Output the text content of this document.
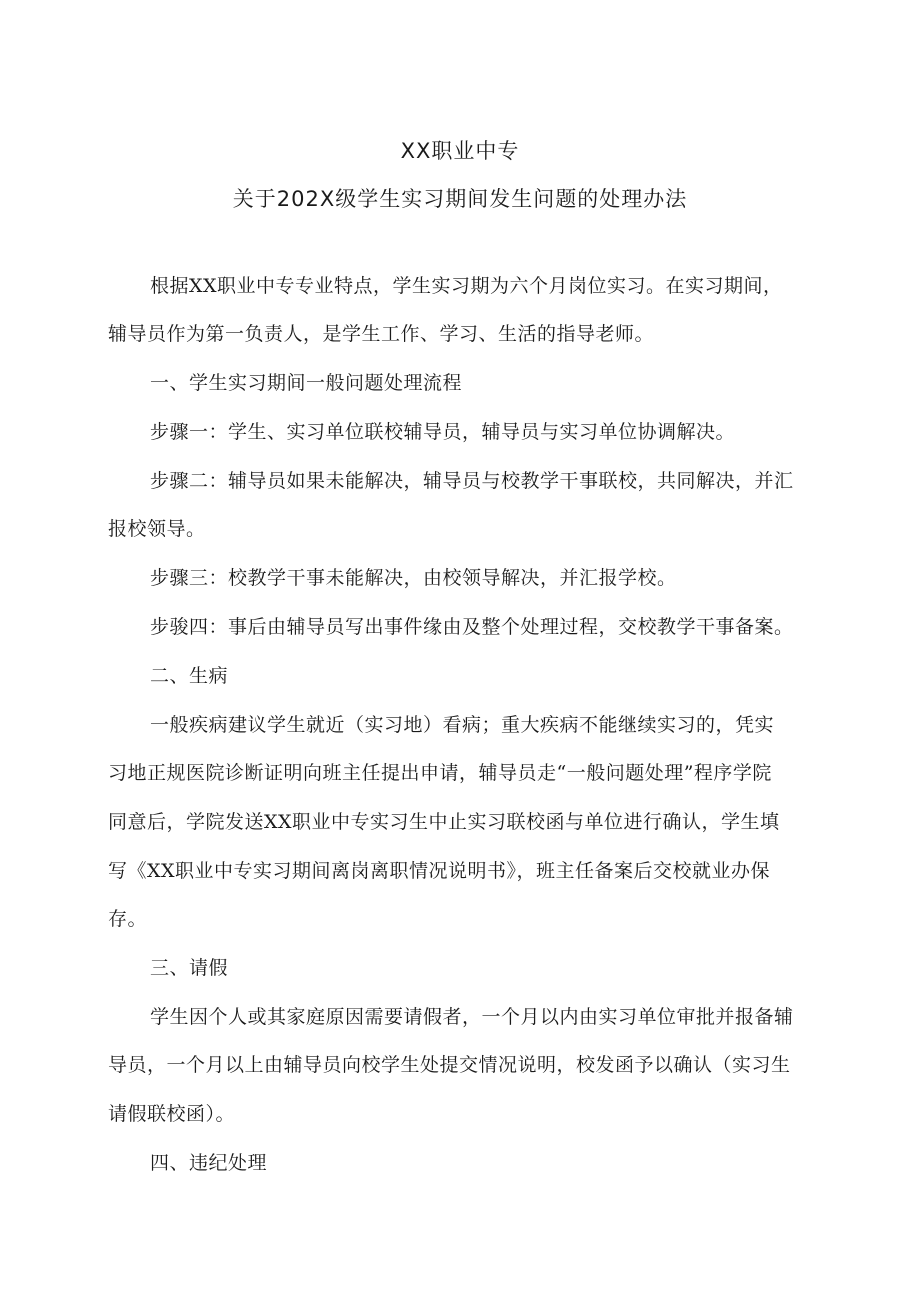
XX职业中专
关于202X级学生实习期间发生问题的处理办法
根据XX职业中专专业特点，学生实习期为六个月岗位实习。在实习期间，
辅导员作为第一负责人，是学生工作、学习、生活的指导老师。
一、学生实习期间一般问题处理流程
步骤一：学生、实习单位联校辅导员，辅导员与实习单位协调解决。
步骤二：辅导员如果未能解决，辅导员与校教学干事联校，共同解决，并汇
报校领导。
步骤三：校教学干事未能解决，由校领导解决，并汇报学校。
步骏四：事后由辅导员写出事件缘由及整个处理过程，交校教学干事备案。
二、生病
一般疾病建议学生就近（实习地）看病；重大疾病不能继续实习的，凭实
习地正规医院诊断证明向班主任提出申请，辅导员走“一般问题处理”程序学院
同意后，学院发送XX职业中专实习生中止实习联校函与单位进行确认，学生填
写《XX职业中专实习期间离岗离职情况说明书》，班主任备案后交校就业办保
存。
三、请假
学生因个人或其家庭原因需要请假者，一个月以内由实习单位审批并报备辅
导员，一个月以上由辅导员向校学生处提交情况说明，校发函予以确认（实习生
请假联校函）。
四、违纪处理
